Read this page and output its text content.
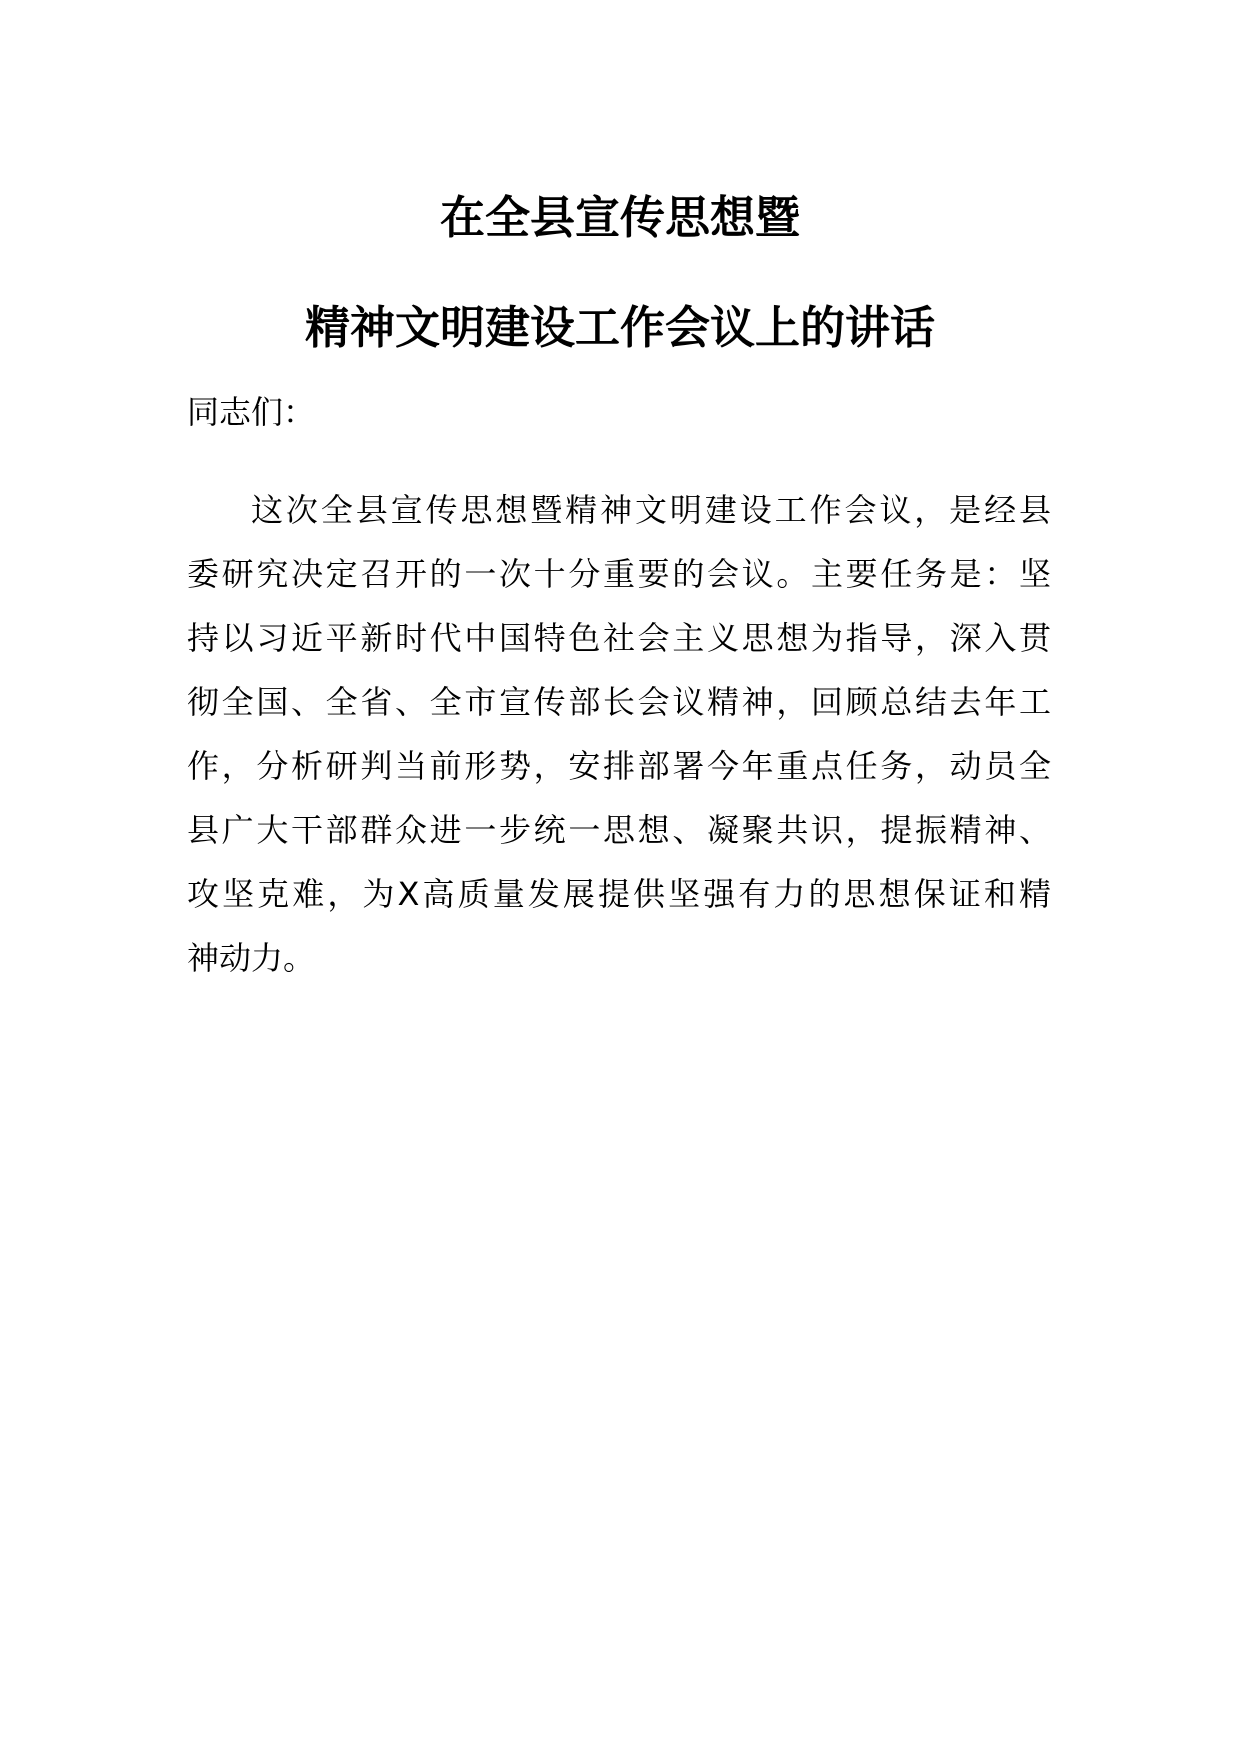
在全县宣传思想暨
精神文明建设工作会议上的讲话

同志们：

这次全县宣传思想暨精神文明建设工作会议，是经县
委研究决定召开的一次十分重要的会议。主要任务是：坚
持以习近平新时代中国特色社会主义思想为指导，深入贯
彻全国、全省、全市宣传部长会议精神，回顾总结去年工
作，分析研判当前形势，安排部署今年重点任务，动员全
县广大干部群众进一步统一思想、凝聚共识，提振精神、
攻坚克难，为X高质量发展提供坚强有力的思想保证和精
神动力。
